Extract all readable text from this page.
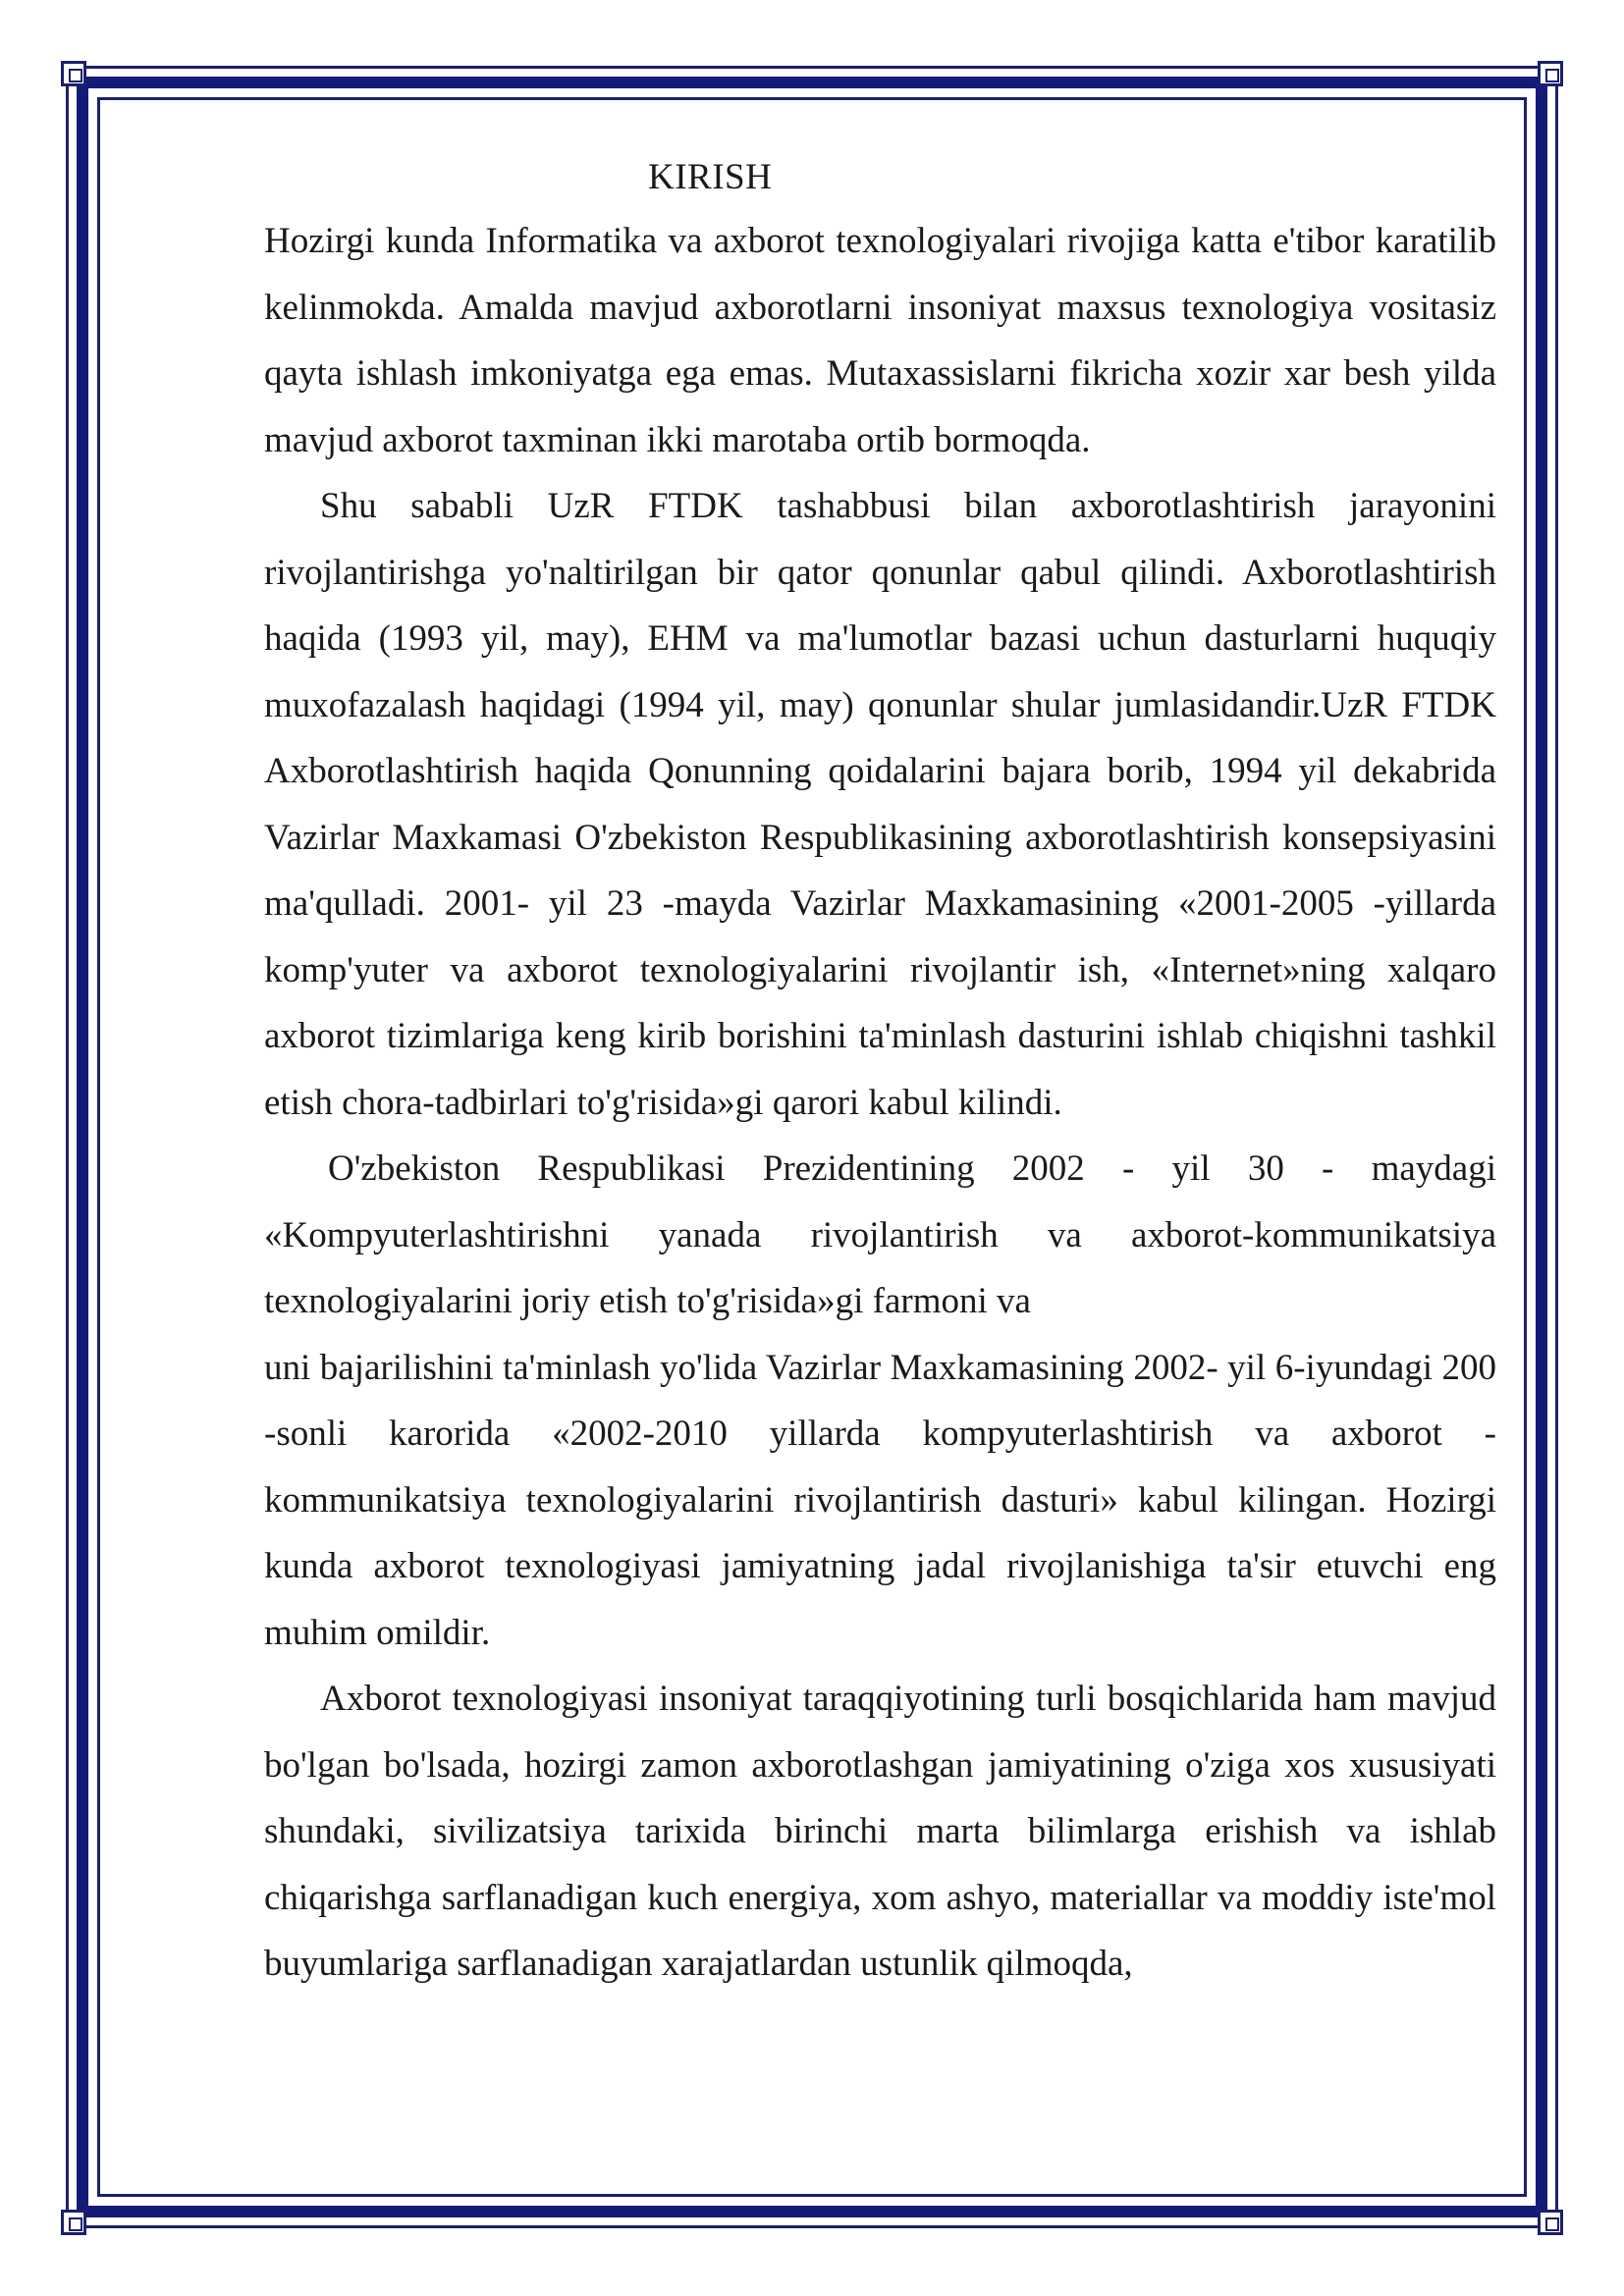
KIRISH

Hozirgi kunda Informatika va axborot texnologiyalari rivojiga katta e'tibor karatilib kelinmokda. Amalda mavjud axborotlarni insoniyat maxsus texnologiya vositasiz qayta ishlash imkoniyatga ega emas. Mutaxassislarni fikricha xozir xar besh yilda mavjud axborot taxminan ikki marotaba ortib bormoqda.

Shu sababli UzR FTDK tashabbusi bilan axborotlashtirish jarayonini rivojlantirishga yo'naltirilgan bir qator qonunlar qabul qilindi. Axborotlashtirish haqida (1993 yil, may), EHM va ma'lumotlar bazasi uchun dasturlarni huquqiy muxofazalash haqidagi (1994 yil, may) qonunlar shular jumlasidandir.UzR FTDK Axborotlashtirish haqida Qonunning qoidalarini bajara borib, 1994 yil dekabrida Vazirlar Maxkamasi O'zbekiston Respublikasining axborotlashtirish konsepsiyasini ma'qulladi. 2001- yil 23 -mayda Vazirlar Maxkamasining «2001-2005 -yillarda komp'yuter va axborot texnologiyalarini rivojlantir ish, «Internet»ning xalqaro axborot tizimlariga keng kirib borishini ta'minlash dasturini ishlab chiqishni tashkil etish chora-tadbirlari to'g'risida»gi qarori kabul kilindi.

O'zbekiston Respublikasi Prezidentining 2002 - yil 30 - maydagi «Kompyuterlashtirishni yanada rivojlantirish va axborot-kommunikatsiya texnologiyalarini joriy etish to'g'risida»gi farmoni va

uni bajarilishini ta'minlash yo'lida Vazirlar Maxkamasining 2002- yil 6-iyundagi 200 -sonli karorida «2002-2010 yillarda kompyuterlashtirish va axborot - kommunikatsiya texnologiyalarini rivojlantirish dasturi» kabul kilingan. Hozirgi kunda axborot texnologiyasi jamiyatning jadal rivojlanishiga ta'sir etuvchi eng muhim omildir.

Axborot texnologiyasi insoniyat taraqqiyotining turli bosqichlarida ham mavjud bo'lgan bo'lsada, hozirgi zamon axborotlashgan jamiyatining o'ziga xos xususiyati shundaki, sivilizatsiya tarixida birinchi marta bilimlarga erishish va ishlab chiqarishga sarflanadigan kuch energiya, xom ashyo, materiallar va moddiy iste'mol buyumlariga sarflanadigan xarajatlardan ustunlik qilmoqda,
